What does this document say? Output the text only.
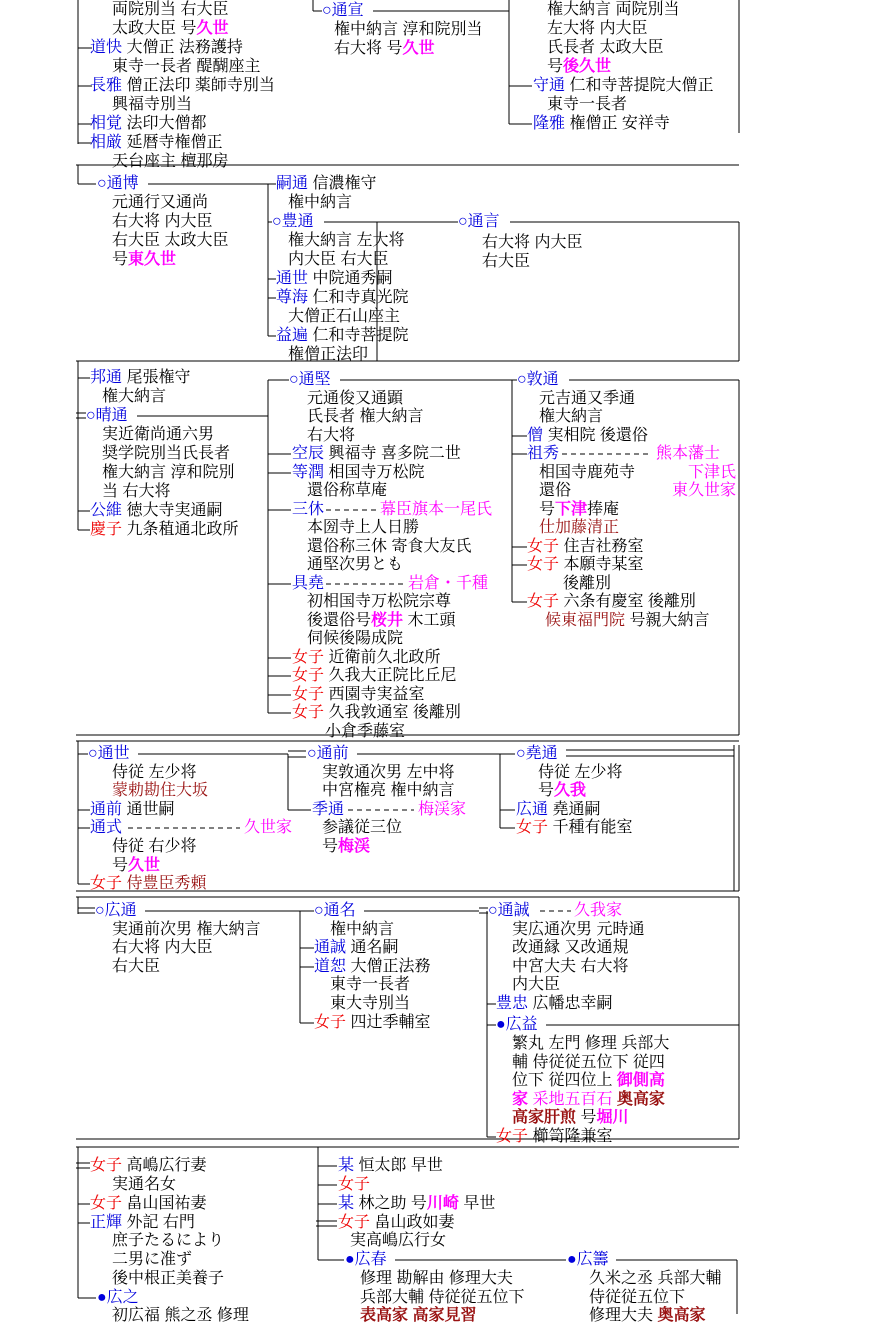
両院別当 右大臣
太政大臣 号久世
道快 大僧正 法務護持
東寺一長者 醍醐座主
長雅 僧正法印 薬師寺別当
興福寺別当
相覚 法印大僧都
相厳 延暦寺権僧正
天台座主 檀那房
○通宣
権中納言 淳和院別当
右大将 号久世
権大納言 両院別当
左大将 内大臣
氏長者 太政大臣
号後久世
守通 仁和寺菩提院大僧正
東寺一長者
隆雅 権僧正 安祥寺
○通博
元通行又通尚
右大将 内大臣
右大臣 太政大臣
号東久世
嗣通 信濃権守
権中納言
○豊通
権大納言 左大将
内大臣 右大臣
通世 中院通秀嗣
尊海 仁和寺真光院
大僧正石山座主
益遍 仁和寺菩提院
権僧正法印
○通言
右大将 内大臣
右大臣
邦通 尾張権守
権大納言
○晴通
実近衛尚通六男
奨学院別当氏長者
権大納言 淳和院別
当 右大将
公維 徳大寺実通嗣
慶子 九条稙通北政所
○通堅
元通俊又通顕
氏長者 権大納言
右大将
空辰 興福寺 喜多院二世
等潤 相国寺万松院
還俗称草庵
三休	幕臣旗本一尾氏
本圀寺上人日勝
還俗称三休 寄食大友氏
通堅次男とも
具堯	岩倉・千種
初相国寺万松院宗尊
後還俗号桜井 木工頭
伺候後陽成院
女子 近衛前久北政所
女子 久我大正院比丘尼
女子 西園寺実益室
女子 久我敦通室 後離別
小倉季藤室
○敦通
元吉通又季通
権大納言
僧 実相院 後還俗
祖秀	熊本藩士
相国寺鹿苑寺	下津氏
還俗	東久世家
号下津捧庵
仕加藤清正
女子 住吉社務室
女子 本願寺某室
後離別
女子 六条有慶室 後離別
候東福門院 号親大納言
○通世
侍従 左少将
蒙勅勘住大坂
通前 通世嗣
通式	久世家
侍従 右少将
号久世
女子 侍豊臣秀頼
○通前
実敦通次男 左中将
中宮権亮 権中納言
季通	梅渓家
参議従三位
号梅渓
○堯通
侍従 左少将
号久我
広通 堯通嗣
女子 千種有能室
○広通
実通前次男 権大納言
右大将 内大臣
右大臣
○通名
権中納言
通誠 通名嗣
道恕 大僧正法務
東寺一長者
東大寺別当
女子 四辻季輔室
○通誠	久我家
実広通次男 元時通
改通縁 又改通規
中宮大夫 右大将
内大臣
豊忠 広幡忠幸嗣
●広益
繁丸 左門 修理 兵部大
輔 侍従従五位下 従四
位下 従四位上 御側高
家 采地五百石 奥高家
高家肝煎 号堀川
女子 櫛笥隆兼室
女子 高嶋広行妻
実通名女
女子 畠山国祐妻
正輝 外記 右門
庶子たるにより
二男に准ず
後中根正美養子
●広之
初広福 熊之丞 修理
某 恒太郎 早世
女子
某 林之助 号川崎 早世
女子 畠山政如妻
実高嶋広行女
●広春
修理 勘解由 修理大夫
兵部大輔 侍従従五位下
表高家 高家見習
●広籌
久米之丞 兵部大輔
侍従従五位下
修理大夫 奥高家
